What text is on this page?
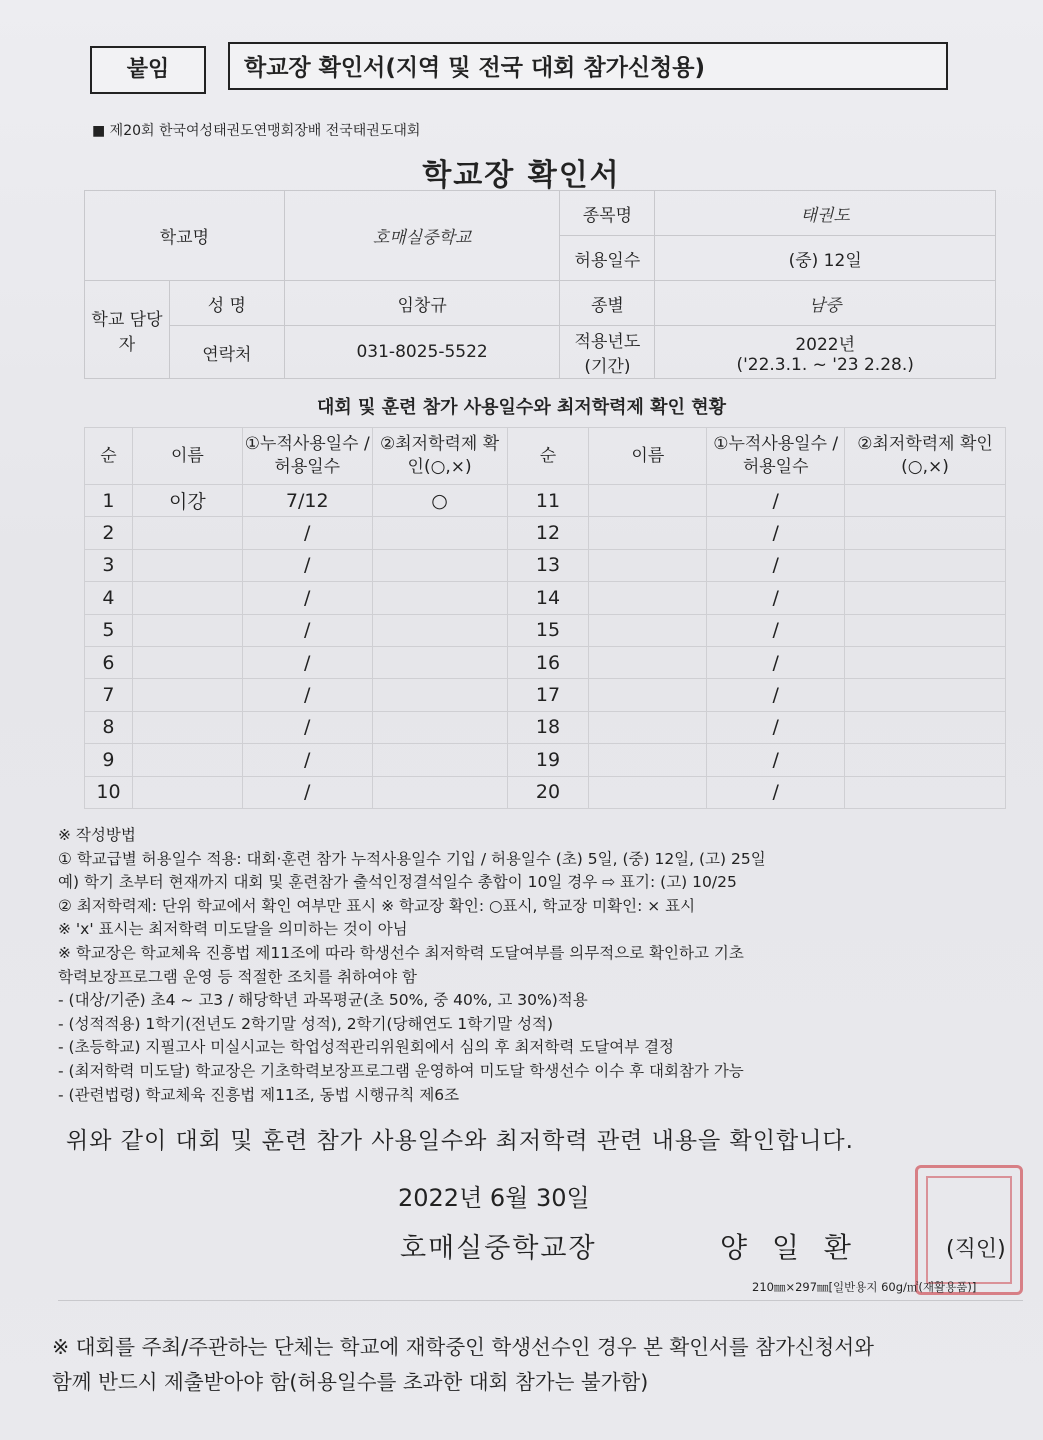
붙임	학교장 확인서(지역 및 전국 대회 참가신청용)
■ 제20회 한국여성태권도연맹회장배 전국태권도대회
학교장 확인서
학교명		호매실중학교	종목명	태권도
			허용일수	(중) 12일
학교 담당자	성 명	임창규	종별	남중
	연락처	031-8025-5522	적용년도 (기간)	2022년
('22.3.1. ~ '23 2.28.)
대회 및 훈련 참가 사용일수와 최저학력제 확인 현황
순	이름	①누적사용일수 /허용일수	②최저학력제 확인(○,×)	순	이름	①누적사용일수 /허용일수	②최저학력제 확인(○,×)
1	이강	7/12	○	11		/	
2		/		12		/	
3		/		13		/	
4		/		14		/	
5		/		15		/	
6		/		16		/	
7		/		17		/	
8		/		18		/	
9		/		19		/	
10		/		20		/	
※ 작성방법
① 학교급별 허용일수 적용: 대회·훈련 참가 누적사용일수 기입 / 허용일수 (초) 5일, (중) 12일, (고) 25일
예) 학기 초부터 현재까지 대회 및 훈련참가 출석인정결석일수 총합이 10일 경우 ⇨ 표기: (고) 10/25
② 최저학력제: 단위 학교에서 확인 여부만 표시 ※ 학교장 확인: ○표시, 학교장 미확인: × 표시
※ 'x' 표시는 최저학력 미도달을 의미하는 것이 아님
※ 학교장은 학교체육 진흥법 제11조에 따라 학생선수 최저학력 도달여부를 의무적으로 확인하고 기초
학력보장프로그램 운영 등 적절한 조치를 취하여야 함
- (대상/기준) 초4 ~ 고3 / 해당학년 과목평균(초 50%, 중 40%, 고 30%)적용
- (성적적용) 1학기(전년도 2학기말 성적), 2학기(당해연도 1학기말 성적)
- (초등학교) 지필고사 미실시교는 학업성적관리위원회에서 심의 후 최저학력 도달여부 결정
- (최저학력 미도달) 학교장은 기초학력보장프로그램 운영하여 미도달 학생선수 이수 후 대회참가 가능
- (관련법령) 학교체육 진흥법 제11조, 동법 시행규칙 제6조
위와 같이 대회 및 훈련 참가 사용일수와 최저학력 관련 내용을 확인합니다.
2022년 6월 30일
호매실중학교장	양 일 환	(직인)
210㎜×297㎜[일반용지 60g/㎡(재활용품)]
※ 대회를 주최/주관하는 단체는 학교에 재학중인 학생선수인 경우 본 확인서를 참가신청서와
함께 반드시 제출받아야 함(허용일수를 초과한 대회 참가는 불가함)
